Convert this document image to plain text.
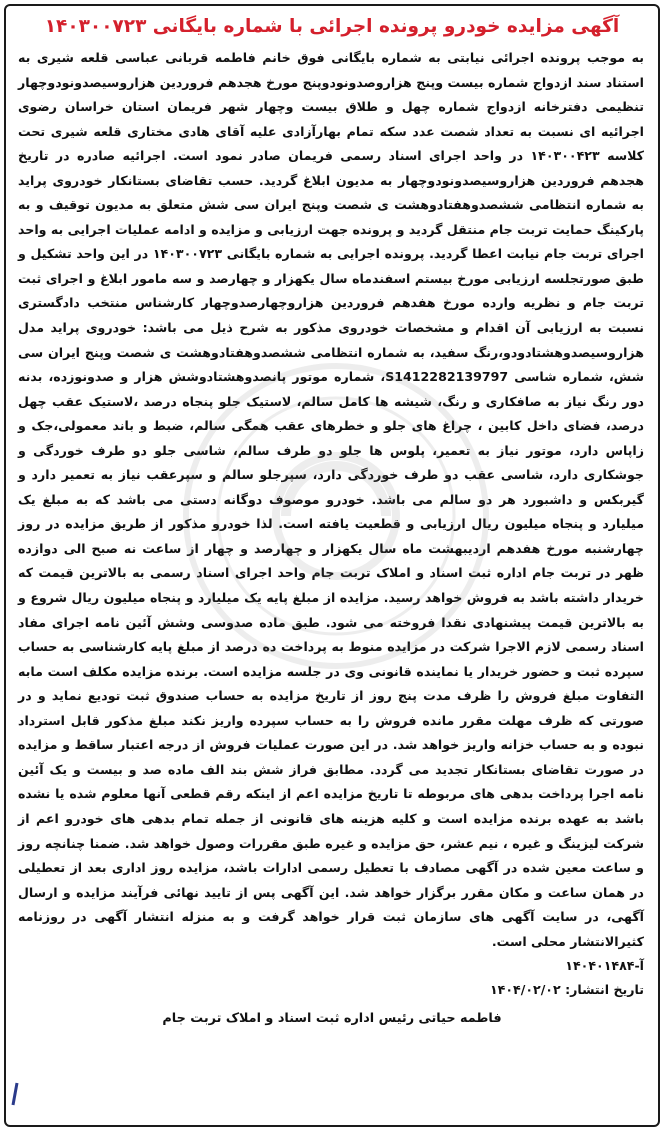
آگهی مزایده خودرو پرونده اجرائی با شماره بایگانی ۱۴۰۳۰۰۷۲۳
به موجب پرونده اجرائی نیابتی به شماره بایگانی فوق خانم فاطمه قربانی عباسی قلعه شیری به استناد سند ازدواج شماره بیست وپنج هزاروصدونودوپنج مورخ هجدهم فروردین هزاروسیصدونودوچهار تنظیمی دفترخانه ازدواج شماره چهل و طلاق بیست وچهار شهر فریمان استان خراسان رضوی اجرائیه ای نسبت به تعداد شصت عدد سکه تمام بهارآزادی علیه آقای هادی مختاری قلعه شیری تحت کلاسه ۱۴۰۳۰۰۴۲۳ در واحد اجرای اسناد رسمی فریمان صادر نمود است. اجرائیه صادره در تاریخ هجدهم فروردین هزاروسیصدونودوچهار به مدیون ابلاغ گردید. حسب تقاضای بستانکار خودروی پراید به شماره انتظامی ششصدوهفتادوهشت ی شصت وپنج ایران سی شش متعلق به مدیون توقیف و به پارکینگ حمایت تربت جام منتقل گردید و پرونده جهت ارزیابی و مزایده و ادامه عملیات اجرایی به واحد اجرای تربت جام نیابت اعطا گردید. پرونده اجرایی به شماره بایگانی ۱۴۰۳۰۰۷۲۳ در این واحد تشکیل و طبق صورتجلسه ارزیابی مورخ بیستم اسفندماه سال یکهزار و چهارصد و سه مامور ابلاغ و اجرای ثبت تربت جام و نظریه وارده مورخ هفدهم فروردین هزاروچهارصدوچهار کارشناس منتخب دادگستری نسبت به ارزیابی آن اقدام و مشخصات خودروی مذکور به شرح ذیل می باشد: خودروی پراید مدل هزاروسیصدوهشتادودو،رنگ سفید، به شماره انتظامی ششصدوهفتادوهشت ی شصت وپنج ایران سی شش، شماره شاسی S1412282139797، شماره موتور پانصدوهشتادوشش هزار و صدونوزده، بدنه دور رنگ نیاز به صافکاری و رنگ، شیشه ها کامل سالم، لاستیک جلو پنجاه درصد ،لاستیک عقب چهل درصد، فضای داخل کابین ، چراغ های جلو و خطرهای عقب همگی سالم، ضبط و باند معمولی،جک و زاپاس دارد، موتور نیاز به تعمیر، پلوس ها جلو دو طرف سالم، شاسی جلو دو طرف خوردگی و جوشکاری دارد، شاسی عقب دو طرف خوردگی دارد، سپرجلو سالم و سپرعقب نیاز به تعمیر دارد و گیربکس و داشبورد هر دو سالم می باشد. خودرو موصوف دوگانه دستی می باشد که به مبلغ یک میلیارد و پنجاه میلیون ریال ارزیابی و قطعیت یافته است. لذا خودرو مذکور از طریق مزایده در روز چهارشنبه مورخ هفدهم اردیبهشت ماه سال یکهزار و چهارصد و چهار از ساعت نه صبح الی دوازده ظهر در تربت جام اداره ثبت اسناد و املاک تربت جام واحد اجرای اسناد رسمی به بالاترین قیمت که خریدار داشته باشد به فروش خواهد رسید. مزایده از مبلغ پایه یک میلیارد و پنجاه میلیون ریال شروع و به بالاترین قیمت پیشنهادی نقدا فروخته می شود. طبق ماده صدوسی وشش آئین نامه اجرای مفاد اسناد رسمی لازم الاجرا شرکت در مزایده منوط به پرداخت ده درصد از مبلغ پایه کارشناسی به حساب سپرده ثبت و حضور خریدار یا نماینده قانونی وی در جلسه مزایده است. برنده مزایده مکلف است مابه التفاوت مبلغ فروش را ظرف مدت پنج روز از تاریخ مزایده به حساب صندوق ثبت تودیع نماید و در صورتی که ظرف مهلت مقرر مانده فروش را به حساب سپرده واریز نکند مبلغ مذکور قابل استرداد نبوده و به حساب خزانه واریز خواهد شد. در این صورت عملیات فروش از درجه اعتبار ساقط و مزایده در صورت تقاضای بستانکار تجدید می گردد. مطابق فراز شش بند الف ماده صد و بیست و یک آئین نامه اجرا پرداخت بدهی های مربوطه تا تاریخ مزایده اعم از اینکه رقم قطعی آنها معلوم شده یا نشده باشد به عهده برنده مزایده است و کلیه هزینه های قانونی از جمله تمام بدهی های خودرو اعم از شرکت لیزینگ و غیره ، نیم عشر، حق مزایده و غیره طبق مقررات وصول خواهد شد. ضمنا چنانچه روز و ساعت معین شده در آگهی مصادف با تعطیل رسمی ادارات باشد، مزایده روز اداری بعد از تعطیلی در همان ساعت و مکان مقرر برگزار خواهد شد. این آگهی پس از تایید نهائی فرآیند مزایده و ارسال آگهی، در سایت آگهی های سازمان ثبت قرار خواهد گرفت و به منزله انتشار آگهی در روزنامه کثیرالانتشار محلی است.
آ-۱۴۰۴۰۱۴۸۴
تاریخ انتشار: ۱۴۰۴/۰۲/۰۲
فاطمه حیاتی رئیس اداره ثبت اسناد و املاک تربت جام
